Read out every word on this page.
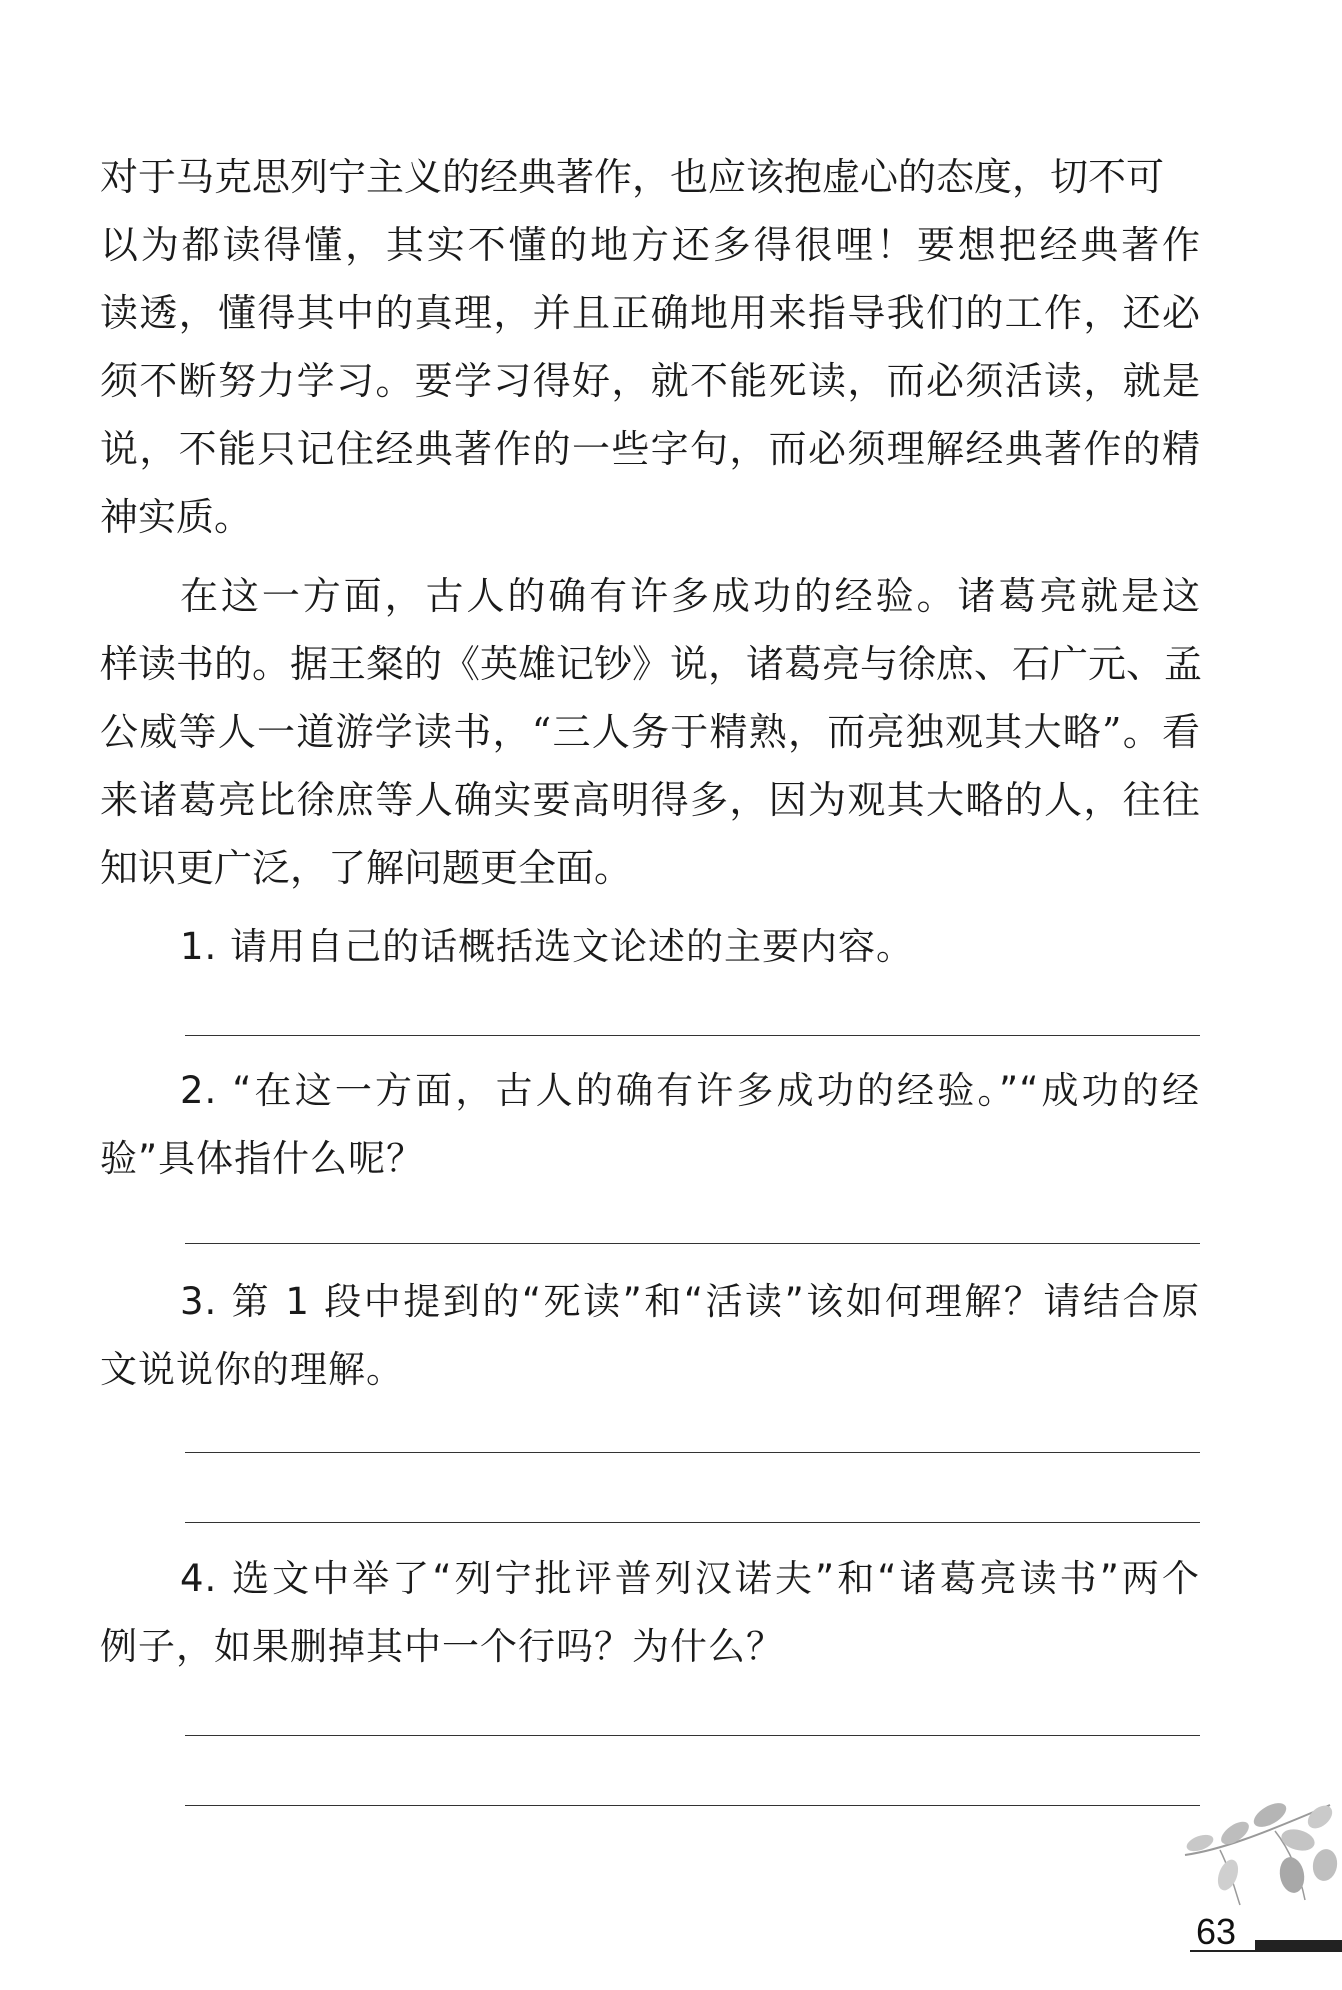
对于马克思列宁主义的经典著作，也应该抱虚心的态度，切不可
以为都读得懂，其实不懂的地方还多得很哩！要想把经典著作
读透，懂得其中的真理，并且正确地用来指导我们的工作，还必
须不断努力学习。要学习得好，就不能死读，而必须活读，就是
说，不能只记住经典著作的一些字句，而必须理解经典著作的精
神实质。
在这一方面，古人的确有许多成功的经验。诸葛亮就是这
样读书的。据王粲的《英雄记钞》说，诸葛亮与徐庶、石广元、孟
公威等人一道游学读书，“三人务于精熟，而亮独观其大略”。看
来诸葛亮比徐庶等人确实要高明得多，因为观其大略的人，往往
知识更广泛，了解问题更全面。
1. 请用自己的话概括选文论述的主要内容。
2. “在这一方面，古人的确有许多成功的经验。”“成功的经
验”具体指什么呢？
3. 第 1 段中提到的“死读”和“活读”该如何理解？请结合原
文说说你的理解。
4. 选文中举了“列宁批评普列汉诺夫”和“诸葛亮读书”两个
例子，如果删掉其中一个行吗？为什么？
63
